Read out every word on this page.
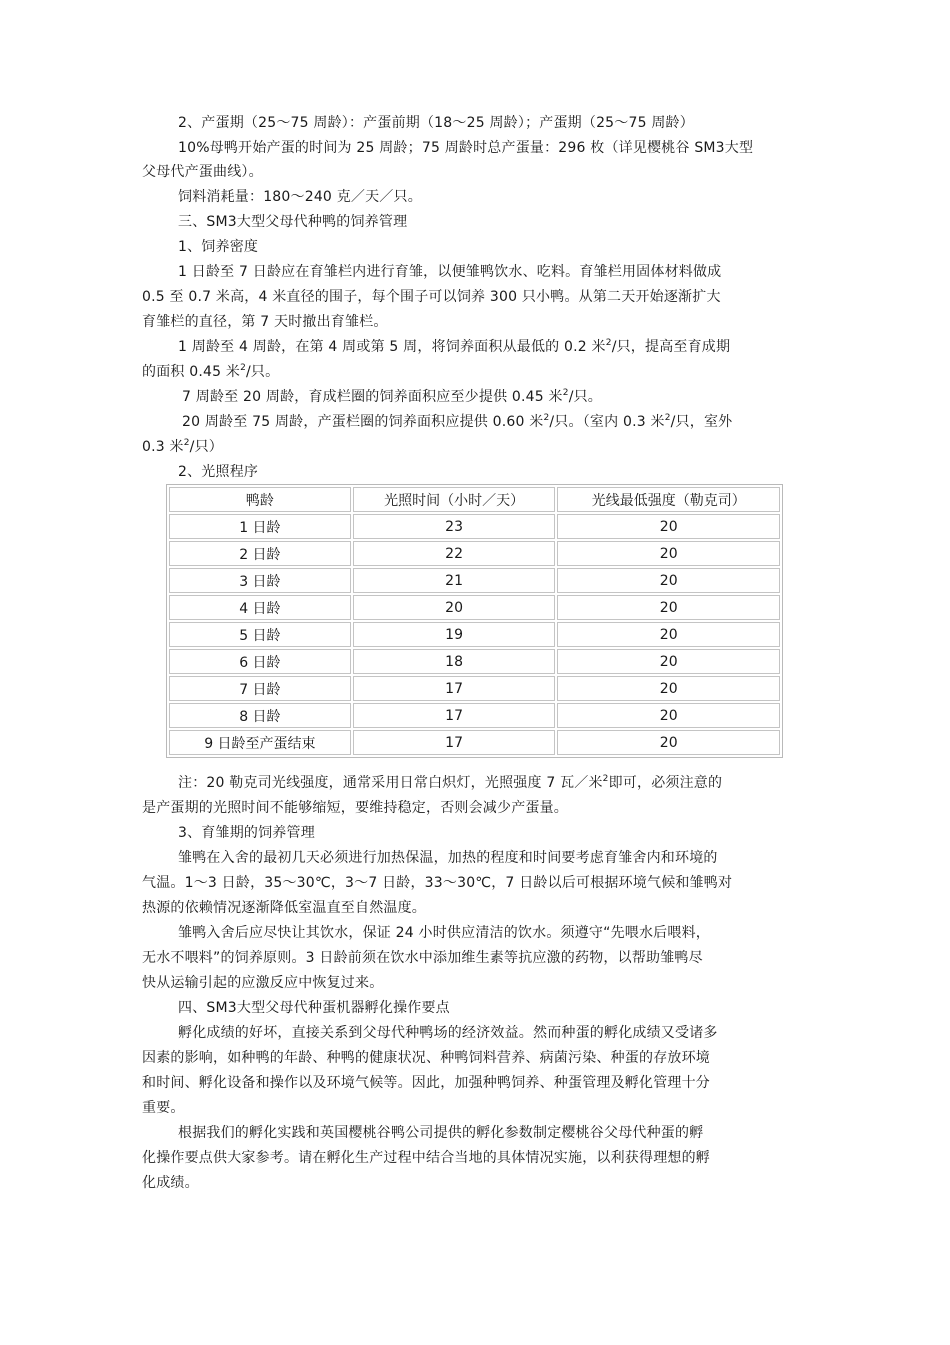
2、产蛋期（25～75 周龄）：产蛋前期（18～25 周龄）；产蛋期（25～75 周龄）
10%母鸭开始产蛋的时间为 25 周龄；75 周龄时总产蛋量：296 枚（详见樱桃谷 SM3大型
父母代产蛋曲线）。
饲料消耗量：180～240 克／天／只。
三、SM3大型父母代种鸭的饲养管理
1、饲养密度
1 日龄至 7 日龄应在育雏栏内进行育雏，以便雏鸭饮水、吃料。育雏栏用固体材料做成
0.5 至 0.7 米高，4 米直径的围子，每个围子可以饲养 300 只小鸭。从第二天开始逐渐扩大
育雏栏的直径，第 7 天时撤出育雏栏。
1 周龄至 4 周龄，在第 4 周或第 5 周，将饲养面积从最低的 0.2 米$^2$/只，提高至育成期
的面积 0.45 米$^2$/只。
7 周龄至 20 周龄，育成栏圈的饲养面积应至少提供 0.45 米$^2$/只。
20 周龄至 75 周龄，产蛋栏圈的饲养面积应提供 0.60 米$^2$/只。（室内 0.3 米$^2$/只，室外
0.3 米$^2$/只）
2、光照程序
鸭龄	光照时间（小时／天）	光线最低强度（勒克司）
1 日龄	23	20
2 日龄	22	20
3 日龄	21	20
4 日龄	20	20
5 日龄	19	20
6 日龄	18	20
7 日龄	17	20
8 日龄	17	20
9 日龄至产蛋结束	17	20
注：20 勒克司光线强度，通常采用日常白炽灯，光照强度 7 瓦／米$^2$即可，必须注意的
是产蛋期的光照时间不能够缩短，要维持稳定，否则会减少产蛋量。
3、育雏期的饲养管理
雏鸭在入舍的最初几天必须进行加热保温，加热的程度和时间要考虑育雏舍内和环境的
气温。1～3 日龄，35～30℃，3～7 日龄，33～30℃，7 日龄以后可根据环境气候和雏鸭对
热源的依赖情况逐渐降低室温直至自然温度。
雏鸭入舍后应尽快让其饮水，保证 24 小时供应清洁的饮水。须遵守“先喂水后喂料，
无水不喂料”的饲养原则。3 日龄前须在饮水中添加维生素等抗应激的药物，以帮助雏鸭尽
快从运输引起的应激反应中恢复过来。
四、SM3大型父母代种蛋机器孵化操作要点
孵化成绩的好坏，直接关系到父母代种鸭场的经济效益。然而种蛋的孵化成绩又受诸多
因素的影响，如种鸭的年龄、种鸭的健康状况、种鸭饲料营养、病菌污染、种蛋的存放环境
和时间、孵化设备和操作以及环境气候等。因此，加强种鸭饲养、种蛋管理及孵化管理十分
重要。
根据我们的孵化实践和英国樱桃谷鸭公司提供的孵化参数制定樱桃谷父母代种蛋的孵
化操作要点供大家参考。请在孵化生产过程中结合当地的具体情况实施，以利获得理想的孵
化成绩。
